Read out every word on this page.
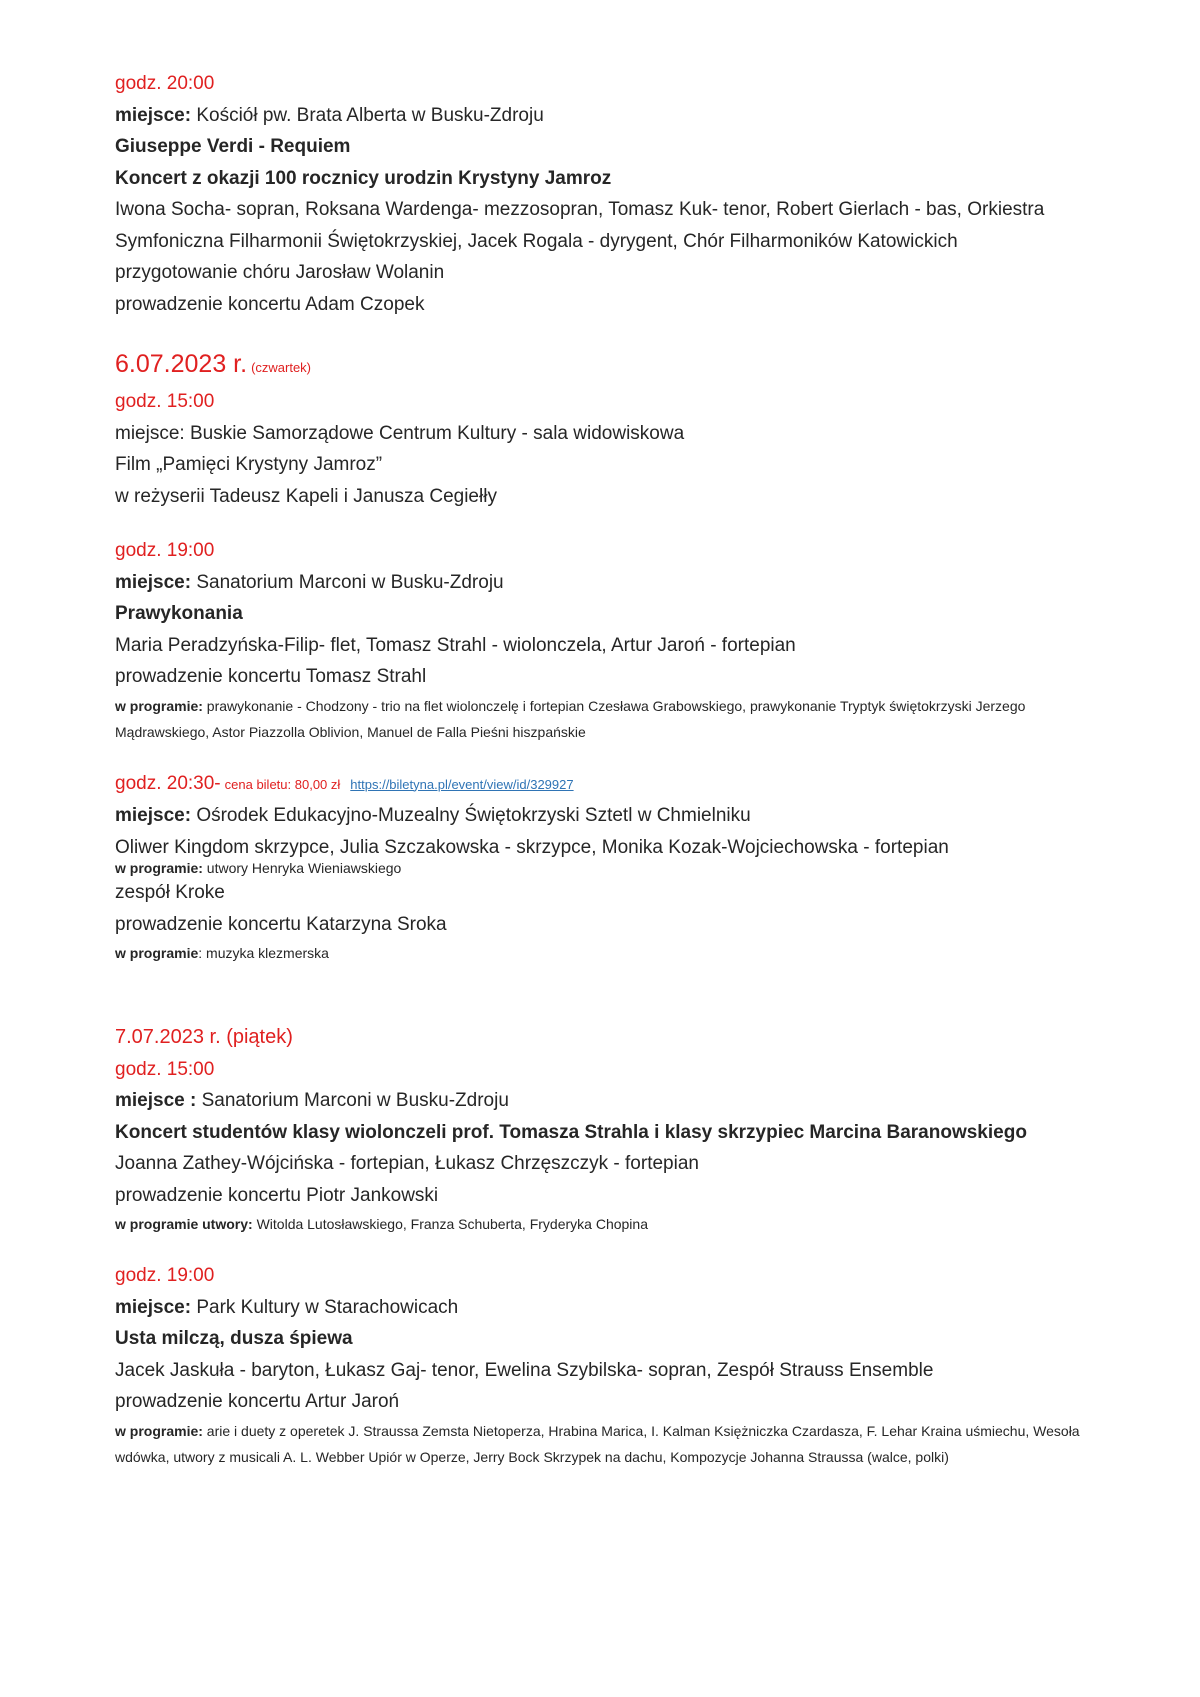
godz. 20:00
miejsce: Kościół pw. Brata Alberta w Busku-Zdroju
Giuseppe Verdi - Requiem
Koncert z okazji 100 rocznicy urodzin Krystyny Jamroz
Iwona Socha- sopran, Roksana Wardenga- mezzosopran, Tomasz Kuk- tenor, Robert Gierlach - bas, Orkiestra Symfoniczna Filharmonii Świętokrzyskiej, Jacek Rogala - dyrygent, Chór Filharmoników Katowickich
przygotowanie chóru Jarosław Wolanin
prowadzenie koncertu Adam Czopek
6.07.2023 r. (czwartek)
godz. 15:00
miejsce: Buskie Samorządowe Centrum Kultury - sala widowiskowa
Film „Pamięci Krystyny Jamroz”
w reżyserii Tadeusz Kapeli i Janusza Cegiełły
godz. 19:00
miejsce: Sanatorium Marconi w Busku-Zdroju
Prawykonania
Maria Peradzyńska-Filip- flet, Tomasz Strahl - wiolonczela, Artur Jaroń - fortepian
prowadzenie koncertu Tomasz Strahl
w programie: prawykonanie - Chodzony - trio na flet wiolonczelę i fortepian Czesława Grabowskiego, prawykonanie Tryptyk świętokrzyski Jerzego Mądrawskiego, Astor Piazzolla Oblivion, Manuel de Falla Pieśni hiszpańskie
godz. 20:30- cena biletu: 80,00 zł https://biletyna.pl/event/view/id/329927
miejsce: Ośrodek Edukacyjno-Muzealny Świętokrzyski Sztetl w Chmielniku
Oliwer Kingdom skrzypce, Julia Szczakowska - skrzypce, Monika Kozak-Wojciechowska - fortepian
w programie: utwory Henryka Wieniawskiego
zespół Kroke
prowadzenie koncertu Katarzyna Sroka
w programie: muzyka klezmerska
7.07.2023 r. (piątek)
godz. 15:00
miejsce : Sanatorium Marconi w Busku-Zdroju
Koncert studentów klasy wiolonczeli prof. Tomasza Strahla i klasy skrzypiec Marcina Baranowskiego
Joanna Zathey-Wójcińska - fortepian, Łukasz Chrzęszczyk - fortepian
prowadzenie koncertu Piotr Jankowski
w programie utwory: Witolda Lutosławskiego, Franza Schuberta, Fryderyka Chopina
godz. 19:00
miejsce: Park Kultury w Starachowicach
Usta milczą, dusza śpiewa
Jacek Jaskuła - baryton, Łukasz Gaj- tenor, Ewelina Szybilska- sopran, Zespół Strauss Ensemble
prowadzenie koncertu Artur Jaroń
w programie: arie i duety z operetek J. Straussa Zemsta Nietoperza, Hrabina Marica, I. Kalman Księżniczka Czardasza, F. Lehar Kraina uśmiechu, Wesoła wdówka, utwory z musicali A. L. Webber Upiór w Operze, Jerry Bock Skrzypek na dachu, Kompozycje Johanna Straussa (walce, polki)
